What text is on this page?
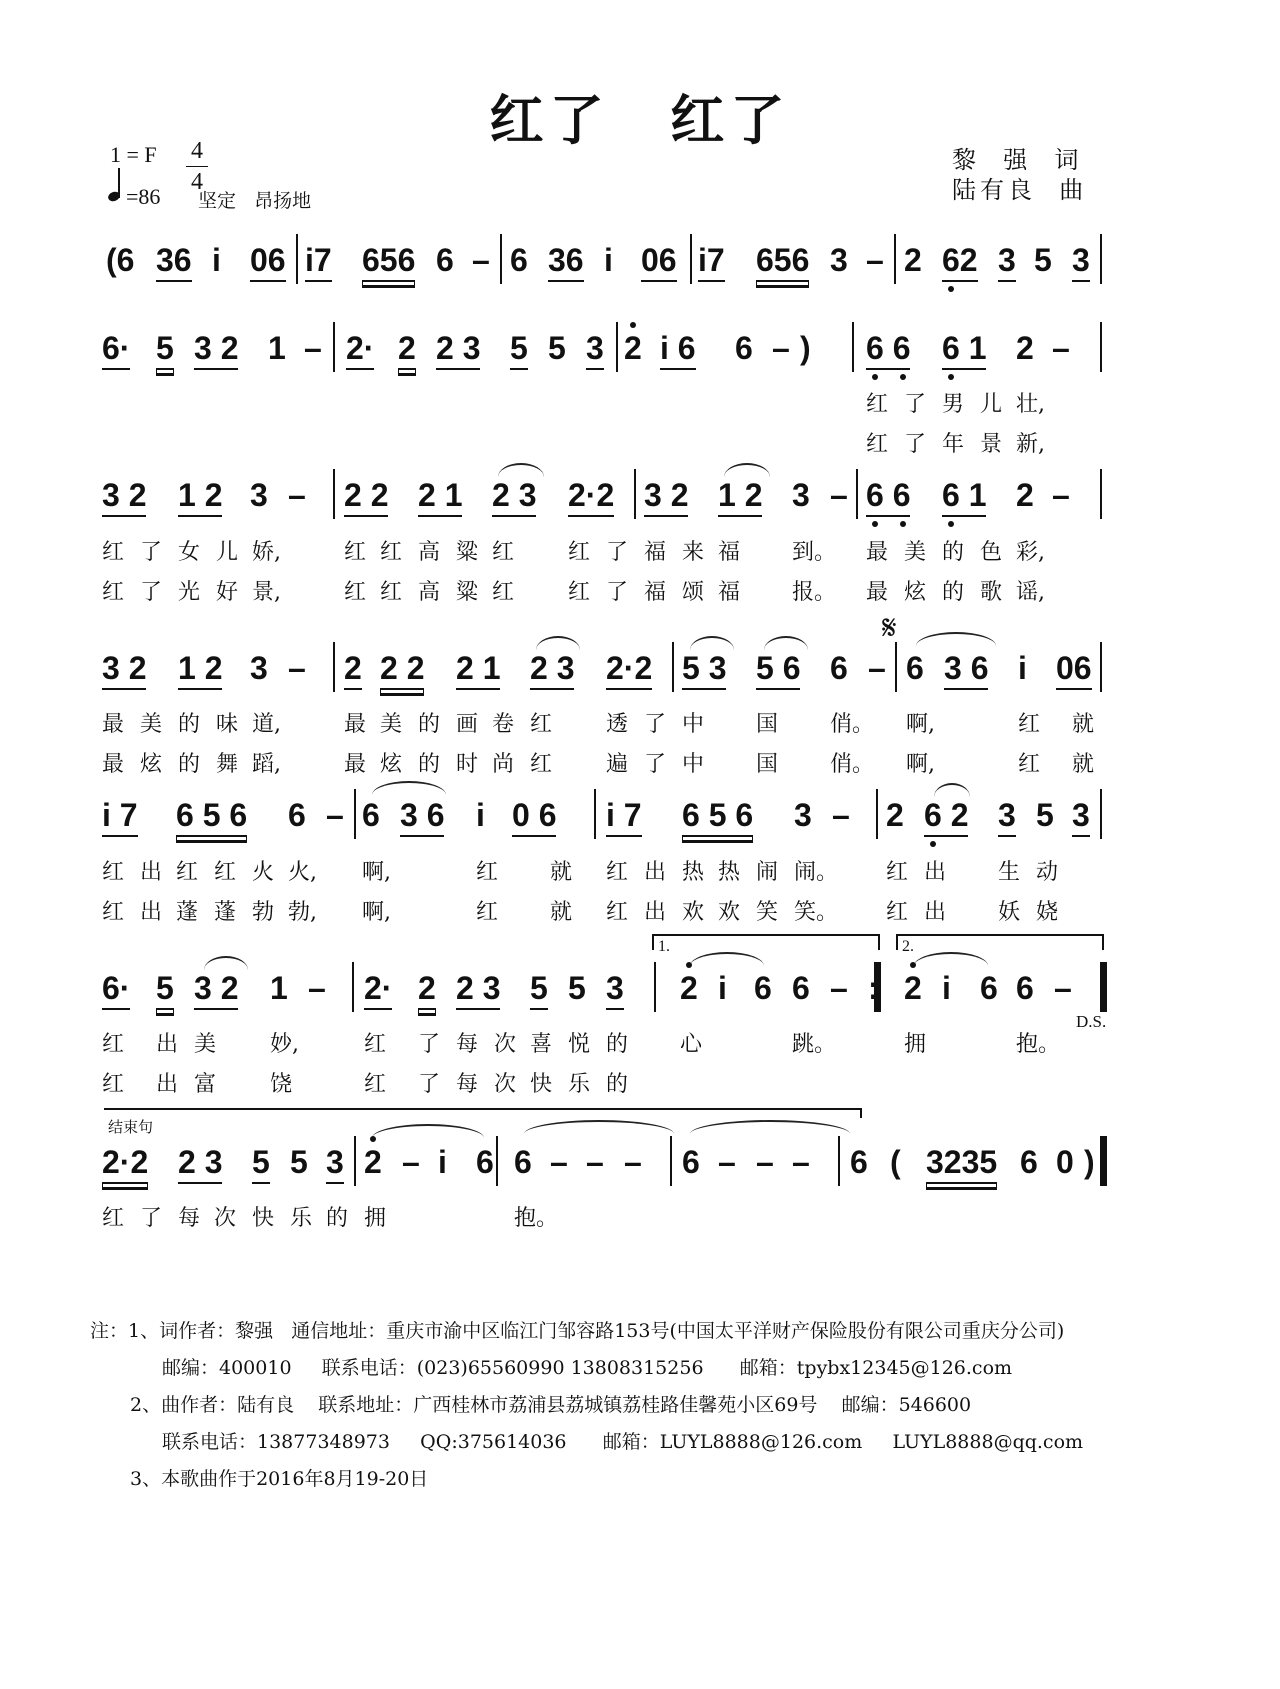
红了 红了
1 = F 4
4
=86 坚定   昂扬地
黎  强  词
陆有良  曲
(6 36 i 06 i7 656 6 – 6 36 i 06 i7 656 3 – 2 62 3 5 3
6· 5 3 2 1 – 2· 2 2 3 5 5 3 2 i 6 6 – ) 6 6 6 1 2 –
3 2 1 2 3 – 2 2 2 1 2 3 2·2 3 2 1 2 3 – 6 6 6 1 2 –
3 2 1 2 3 – 2 2 2 2 1 2 3 2·2 5 3 5 6 6 – 6 3 6 i 06
𝄋
i 7 6 5 6 6 – 6 3 6 i 0 6 i 7 6 5 6 3 – 2 6 2 3 5 3
6· 5 3 2 1 – 2· 2 2 3 5 5 3 2 i 6 6 – : 2 i 6 6 –
1.	2.
D.S.
2·2 2 3 5 5 3 2 – i 6 6 – – – 6 – – – 6 ( 3235 6 0 )
结束句
红 了 男 儿 壮,
红 了 年 景 新,
红 了 女 儿 娇,	红 红 高 粱 红 红 了 福 来 福 到。 最 美 的 色 彩,
红 了 光 好 景,	红 红 高 粱 红 红 了 福 颂 福 报。 最 炫 的 歌 谣,
最 美 的 味 道,	最 美 的 画 卷 红 透 了 中 国 俏。 啊,	红 就
最 炫 的 舞 蹈,	最 炫 的 时 尚 红 遍 了 中 国 俏。 啊,	红 就
红 出 红 红 火 火, 啊,	红 就 红 出 热 热 闹 闹。 红 出 生 动
红 出 蓬 蓬 勃 勃, 啊,	红 就 红 出 欢 欢 笑 笑。 红 出 妖 娆
红 出 美 妙,	红 了 每 次 喜 悦 的 心	跳。	拥	抱。
红 出 富 饶	红 了 每 次 快 乐 的
红 了 每 次 快 乐 的 拥	抱。
注：1、词作者：黎强   通信地址：重庆市渝中区临江门邹容路153号(中国太平洋财产保险股份有限公司重庆分公司)
邮编：400010     联系电话：(023)65560990 13808315256      邮箱：tpybx12345@126.com
2、曲作者：陆有良    联系地址：广西桂林市荔浦县荔城镇荔桂路佳馨苑小区69号    邮编：546600
联系电话：13877348973     QQ:375614036      邮箱：LUYL8888@126.com     LUYL8888@qq.com
3、本歌曲作于2016年8月19-20日
